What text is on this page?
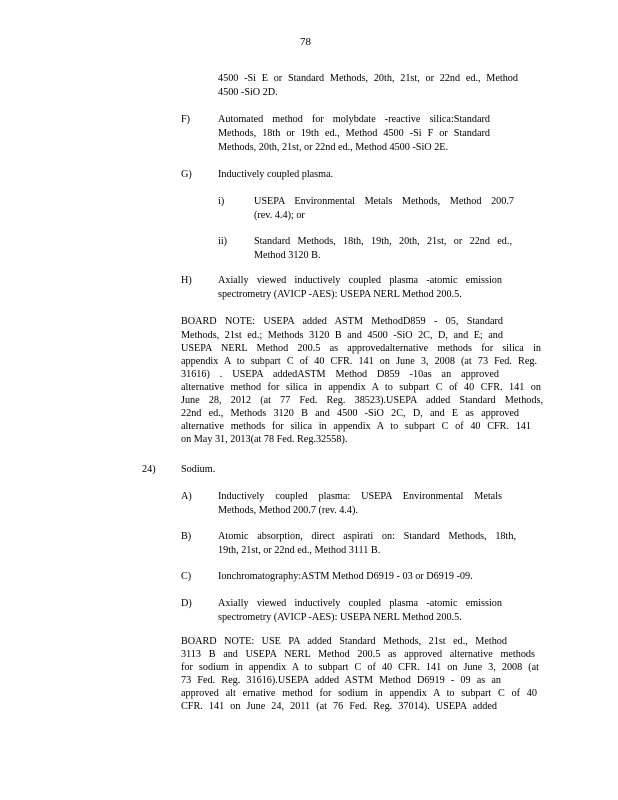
78
4500 -Si E or Standard Methods, 20th, 21st, or 22nd ed., Method
4500 -SiO 2D.
F)	Automated method for molybdate -reactive silica:Standard
Methods, 18th or 19th ed., Method 4500 -Si F or Standard
Methods, 20th, 21st, or 22nd ed., Method 4500 -SiO 2E.
G)	Inductively coupled plasma.
i)	USEPA Environmental Metals Methods, Method 200.7
(rev. 4.4); or
ii)	Standard Methods, 18th, 19th, 20th, 21st, or 22nd ed.,
Method 3120 B.
H)	Axially viewed inductively coupled plasma -atomic emission
spectrometry (AVICP -AES): USEPA NERL Method 200.5.
BOARD NOTE: USEPA added ASTM MethodD859 - 05, Standard
Methods, 21st ed.; Methods 3120 B and 4500 -SiO 2C, D, and E; and
USEPA NERL Method 200.5 as approvedalternative methods for silica in
appendix A to subpart C of 40 CFR. 141 on June 3, 2008 (at 73 Fed. Reg.
31616) . USEPA addedASTM Method D859 -10as an approved
alternative method for silica in appendix A to subpart C of 40 CFR. 141 on
June 28, 2012 (at 77 Fed. Reg. 38523).USEPA added Standard Methods,
22nd ed., Methods 3120 B and 4500 -SiO 2C, D, and E as approved
alternative methods for silica in appendix A to subpart C of 40 CFR. 141
on May 31, 2013(at 78 Fed. Reg.32558).
24) Sodium.
A)	Inductively coupled plasma: USEPA Environmental Metals
Methods, Method 200.7 (rev. 4.4).
B)	Atomic absorption, direct aspirati on: Standard Methods, 18th,
19th, 21st, or 22nd ed., Method 3111 B.
C)	Ionchromatography:ASTM Method D6919 - 03 or D6919 -09.
D)	Axially viewed inductively coupled plasma -atomic emission
spectrometry (AVICP -AES): USEPA NERL Method 200.5.
BOARD NOTE: USE PA added Standard Methods, 21st ed., Method
3113 B and USEPA NERL Method 200.5 as approved alternative methods
for sodium in appendix A to subpart C of 40 CFR. 141 on June 3, 2008 (at
73 Fed. Reg. 31616).USEPA added ASTM Method D6919 - 09 as an
approved alt ernative method for sodium in appendix A to subpart C of 40
CFR. 141 on June 24, 2011 (at 76 Fed. Reg. 37014). USEPA added
